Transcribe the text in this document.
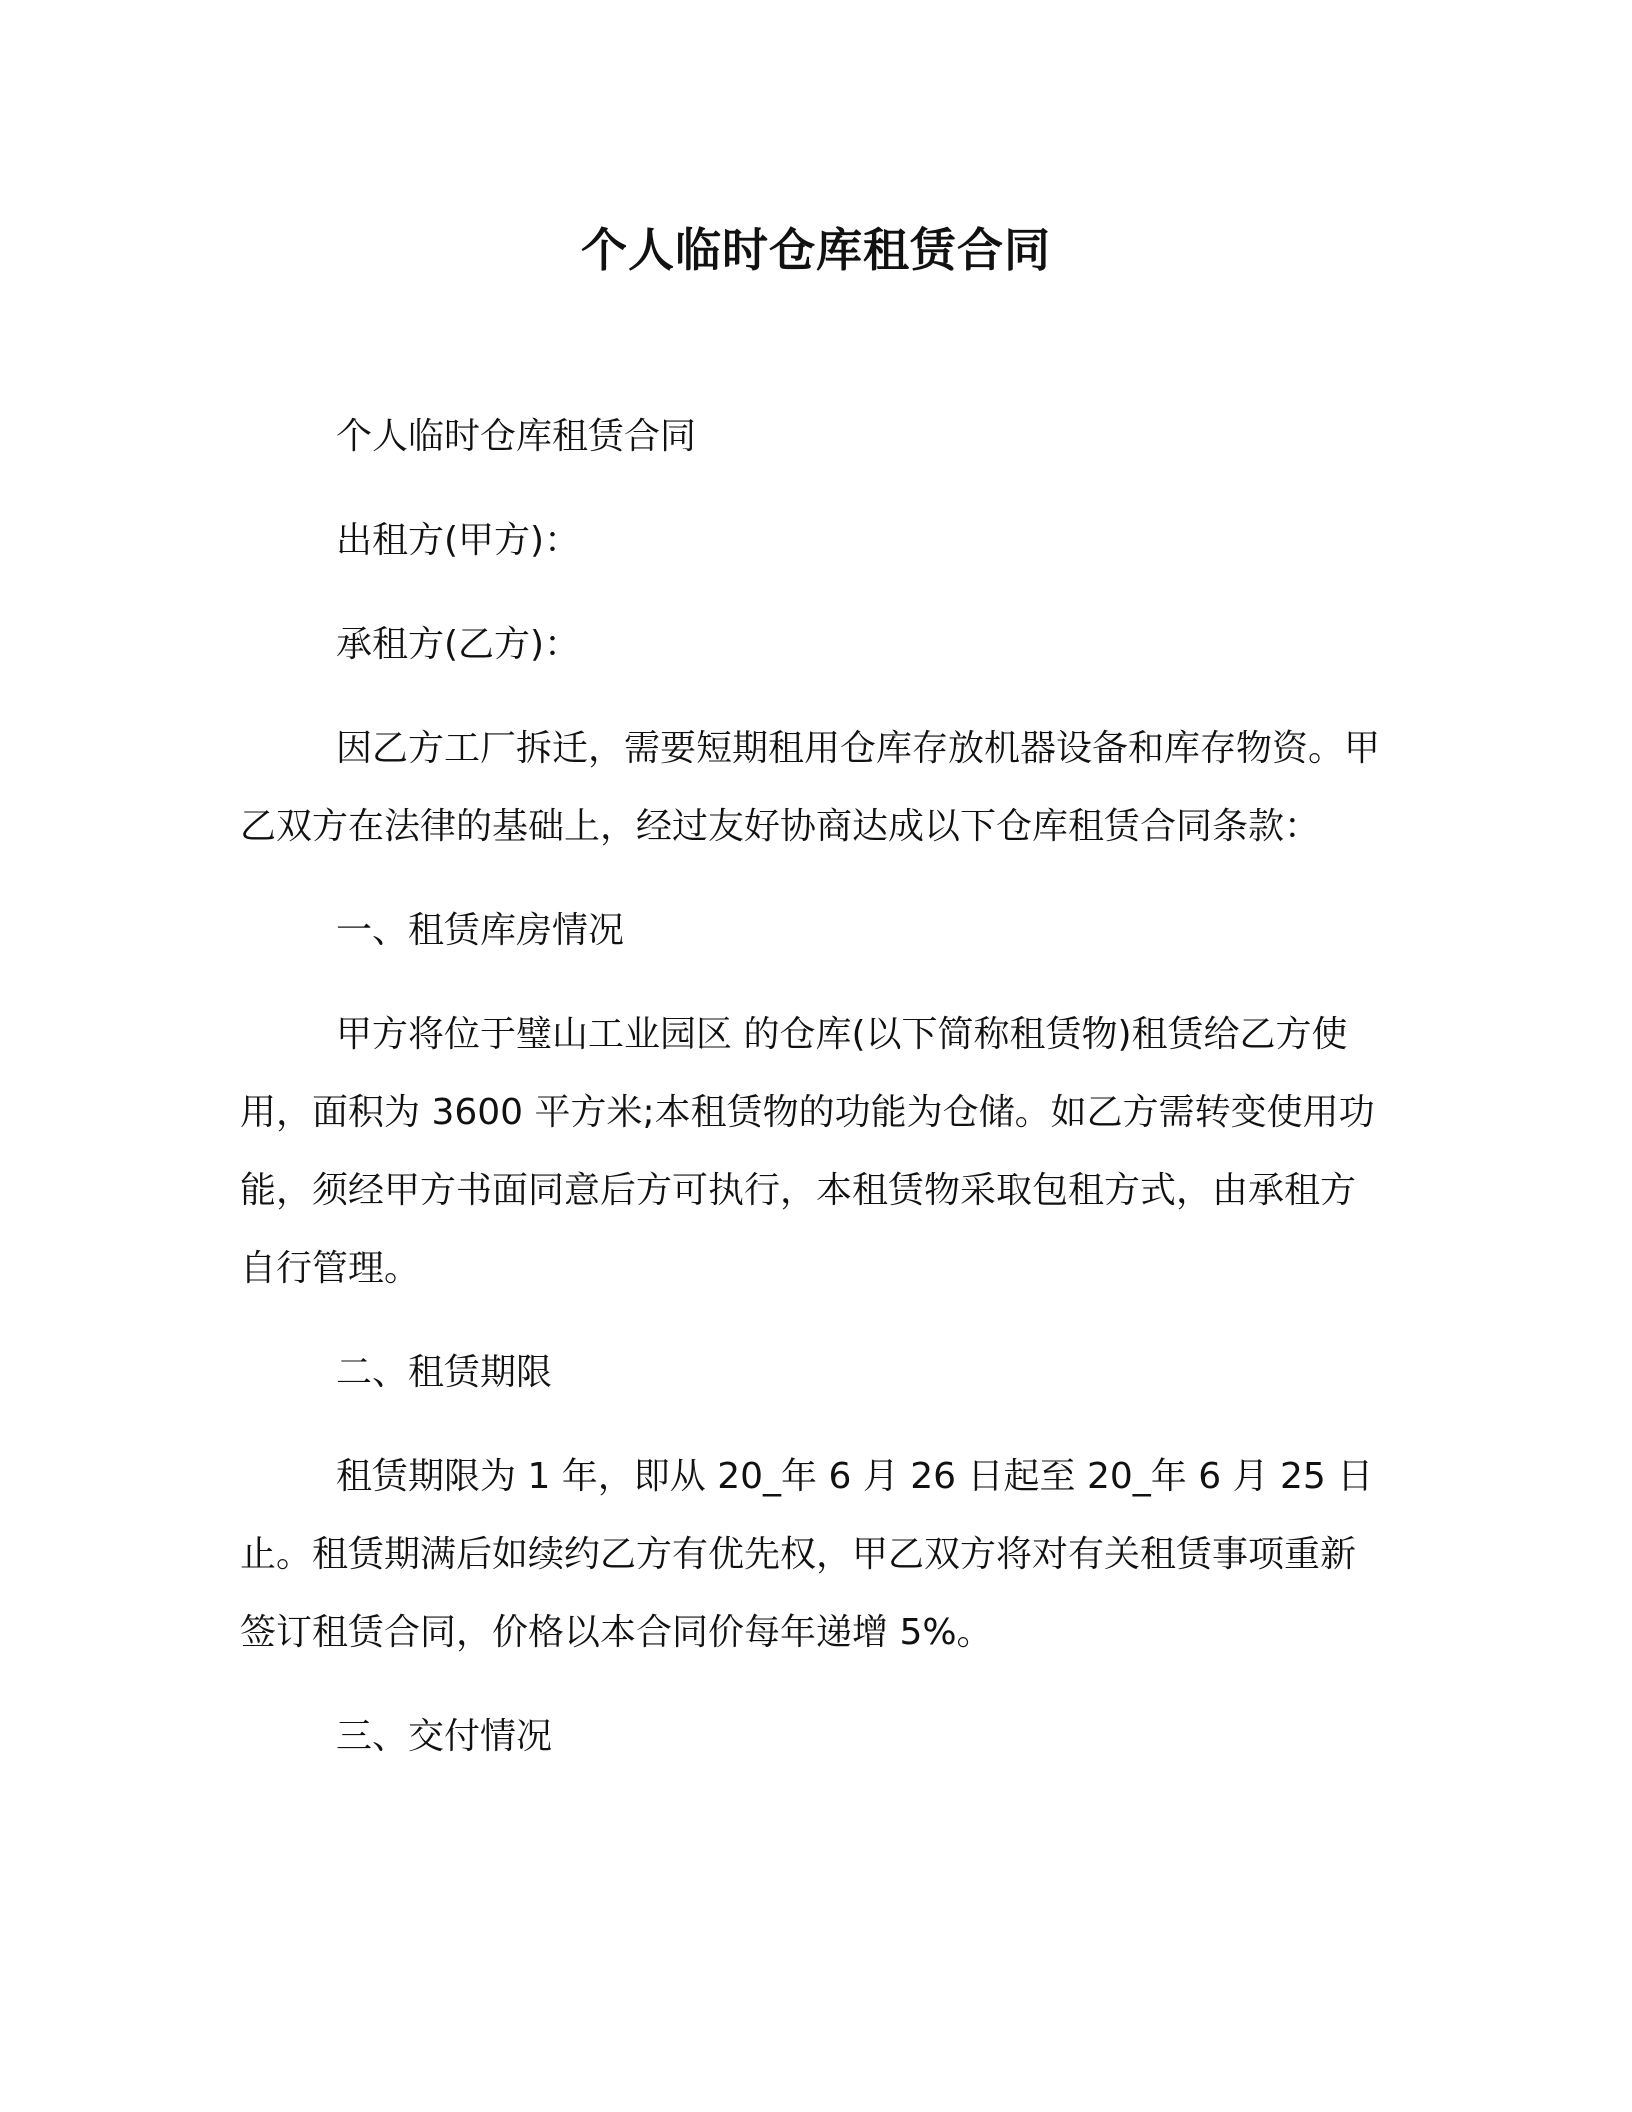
个人临时仓库租赁合同

个人临时仓库租赁合同

出租方(甲方)：

承租方(乙方)：

因乙方工厂拆迁，需要短期租用仓库存放机器设备和库存物资。甲乙双方在法律的基础上，经过友好协商达成以下仓库租赁合同条款：

一、租赁库房情况

甲方将位于璧山工业园区 的仓库(以下简称租赁物)租赁给乙方使用，面积为 3600 平方米;本租赁物的功能为仓储。如乙方需转变使用功能，须经甲方书面同意后方可执行，本租赁物采取包租方式，由承租方自行管理。

二、租赁期限

租赁期限为 1 年，即从 20_年 6 月 26 日起至 20_年 6 月 25 日止。租赁期满后如续约乙方有优先权，甲乙双方将对有关租赁事项重新签订租赁合同，价格以本合同价每年递增 5%。

三、交付情况
